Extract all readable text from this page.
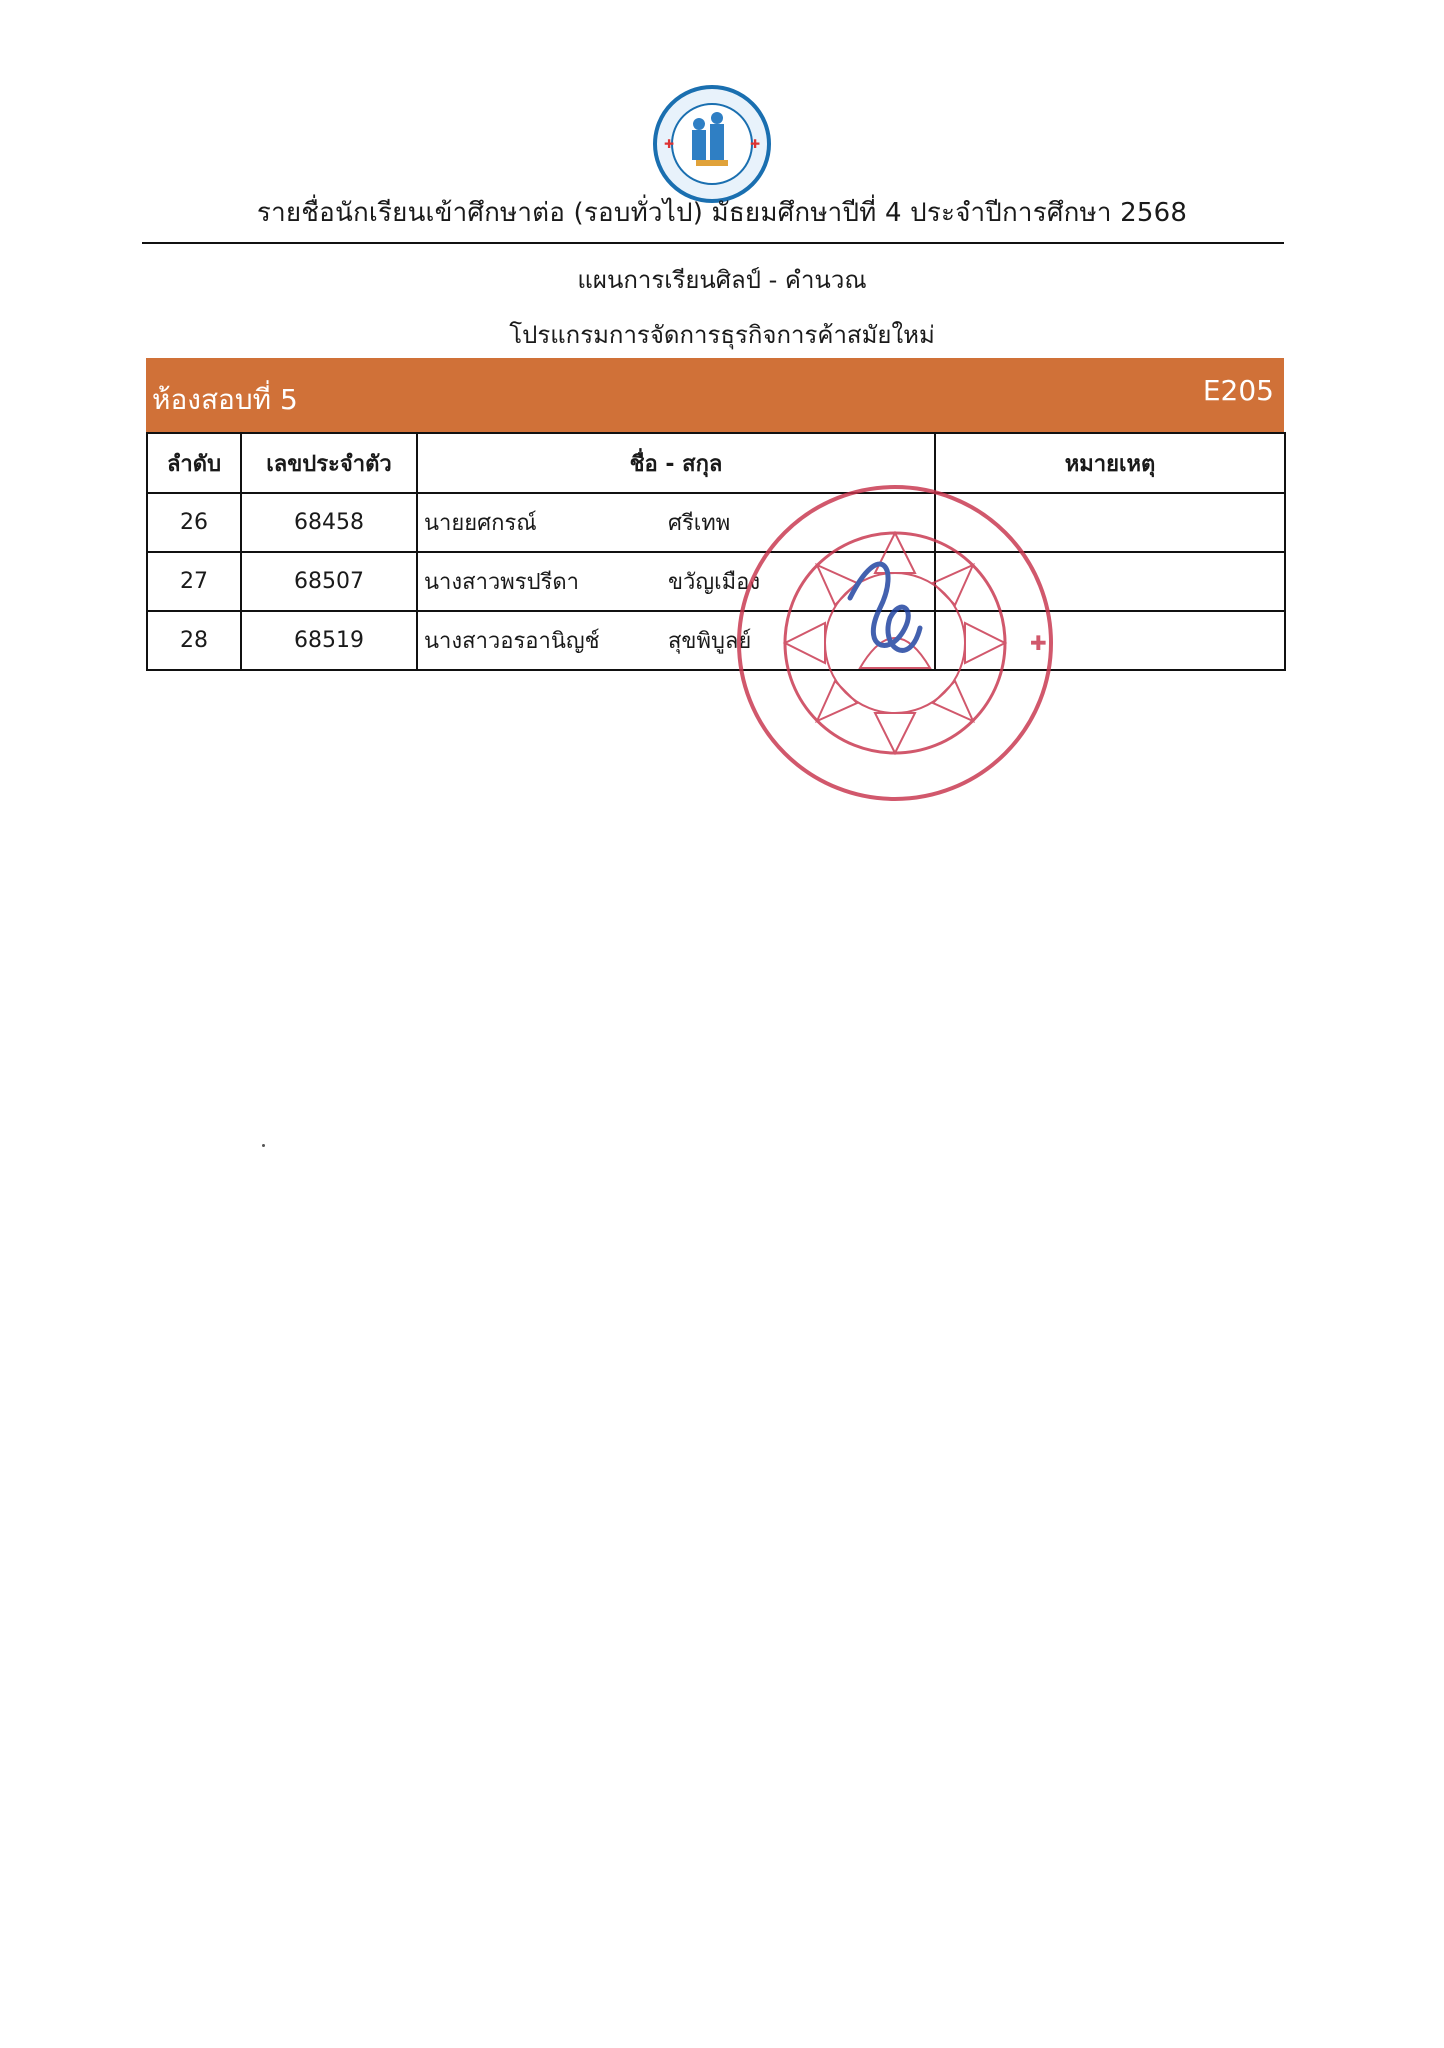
✚	✚
รายชื่อนักเรียนเข้าศึกษาต่อ (รอบทั่วไป) มัธยมศึกษาปีที่ 4 ประจำปีการศึกษา 2568
แผนการเรียนศิลป์ - คำนวณ
โปรแกรมการจัดการธุรกิจการค้าสมัยใหม่
ห้องสอบที่ 5	E205
ลำดับ	เลขประจำตัว	ชื่อ - สกุล	หมายเหตุ
26	68458	นายยศกรณ์ ศรีเทพ	
27	68507	นางสาวพรปรีดา ขวัญเมือง	
28	68519	นางสาวอรอานิญช์ สุขพิบูลย์		✚
